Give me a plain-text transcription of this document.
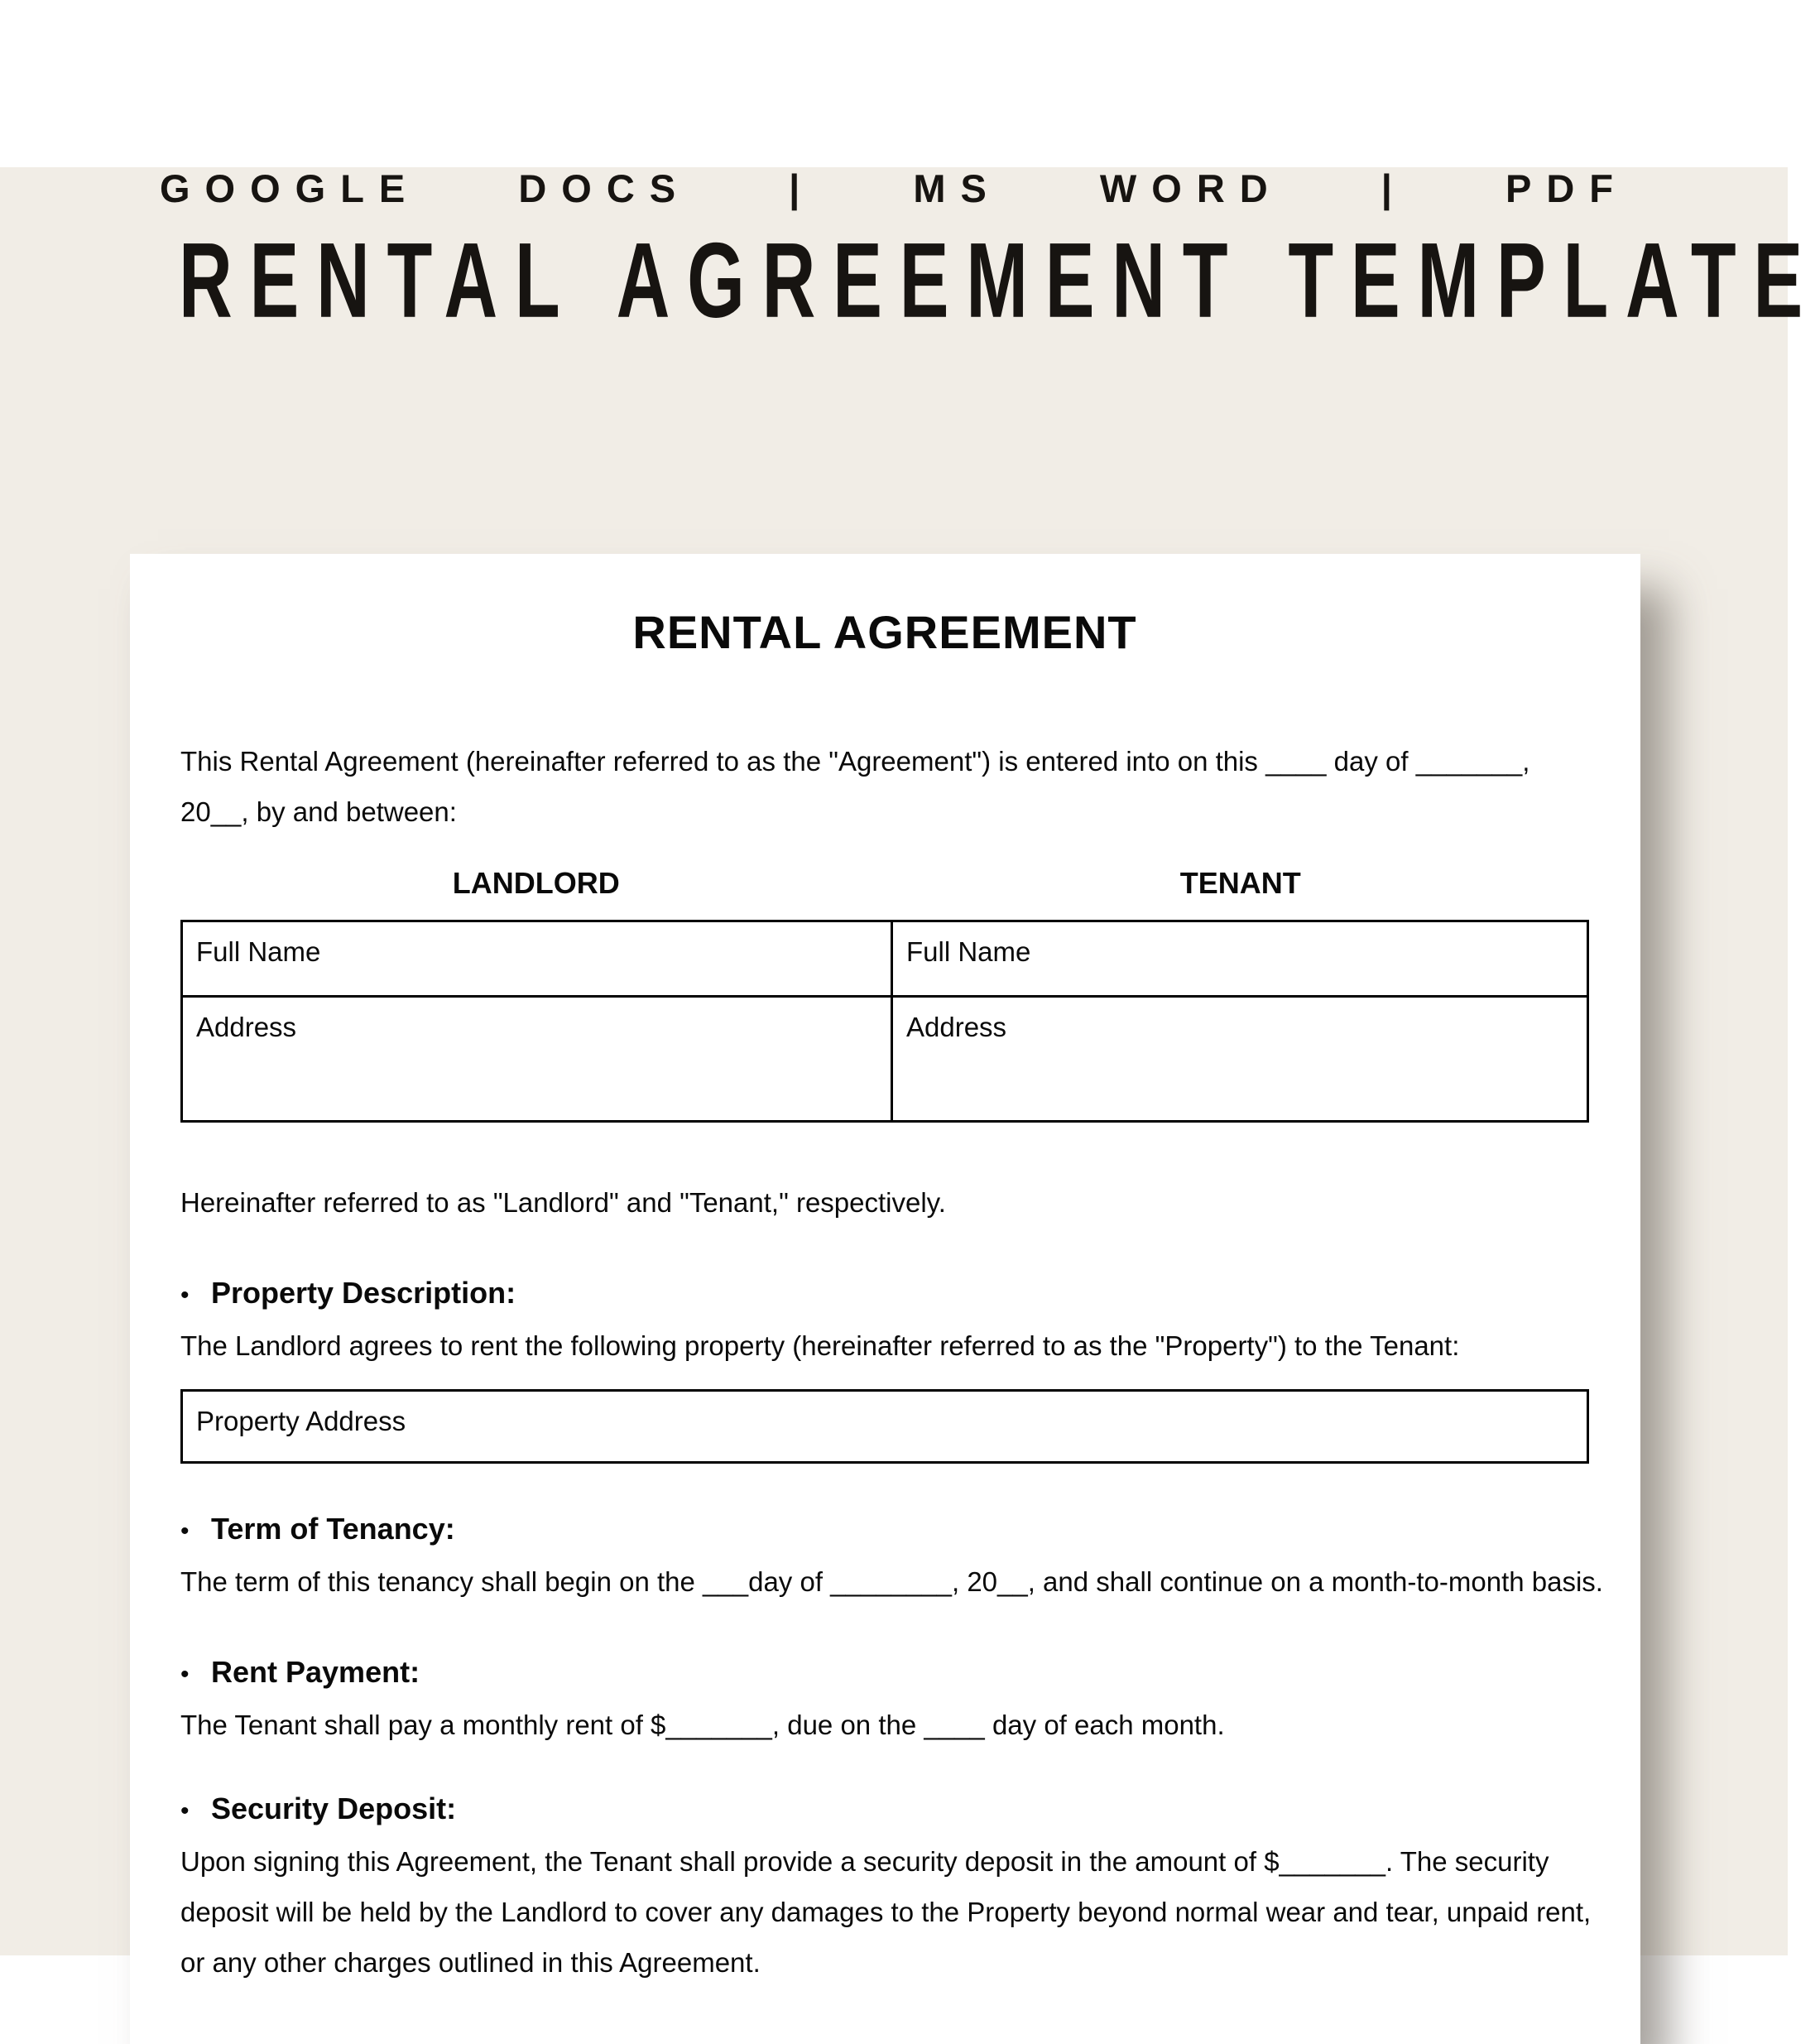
GOOGLE DOCS | MS WORD | PDF
RENTAL AGREEMENT TEMPLATE
RENTAL AGREEMENT

This Rental Agreement (hereinafter referred to as the "Agreement") is entered into on this ____ day of _______,
20__, by and between:

LANDLORD	TENANT
Full Name	Full Name
Address	Address

Hereinafter referred to as "Landlord" and "Tenant," respectively.

• Property Description:

The Landlord agrees to rent the following property (hereinafter referred to as the "Property") to the Tenant:

Property Address
• Term of Tenancy:

The term of this tenancy shall begin on the ___day of ________, 20__, and shall continue on a month-to-month basis.

• Rent Payment:

The Tenant shall pay a monthly rent of $_______, due on the ____ day of each month.

• Security Deposit:

Upon signing this Agreement, the Tenant shall provide a security deposit in the amount of $_______. The security
deposit will be held by the Landlord to cover any damages to the Property beyond normal wear and tear, unpaid rent,
or any other charges outlined in this Agreement.
